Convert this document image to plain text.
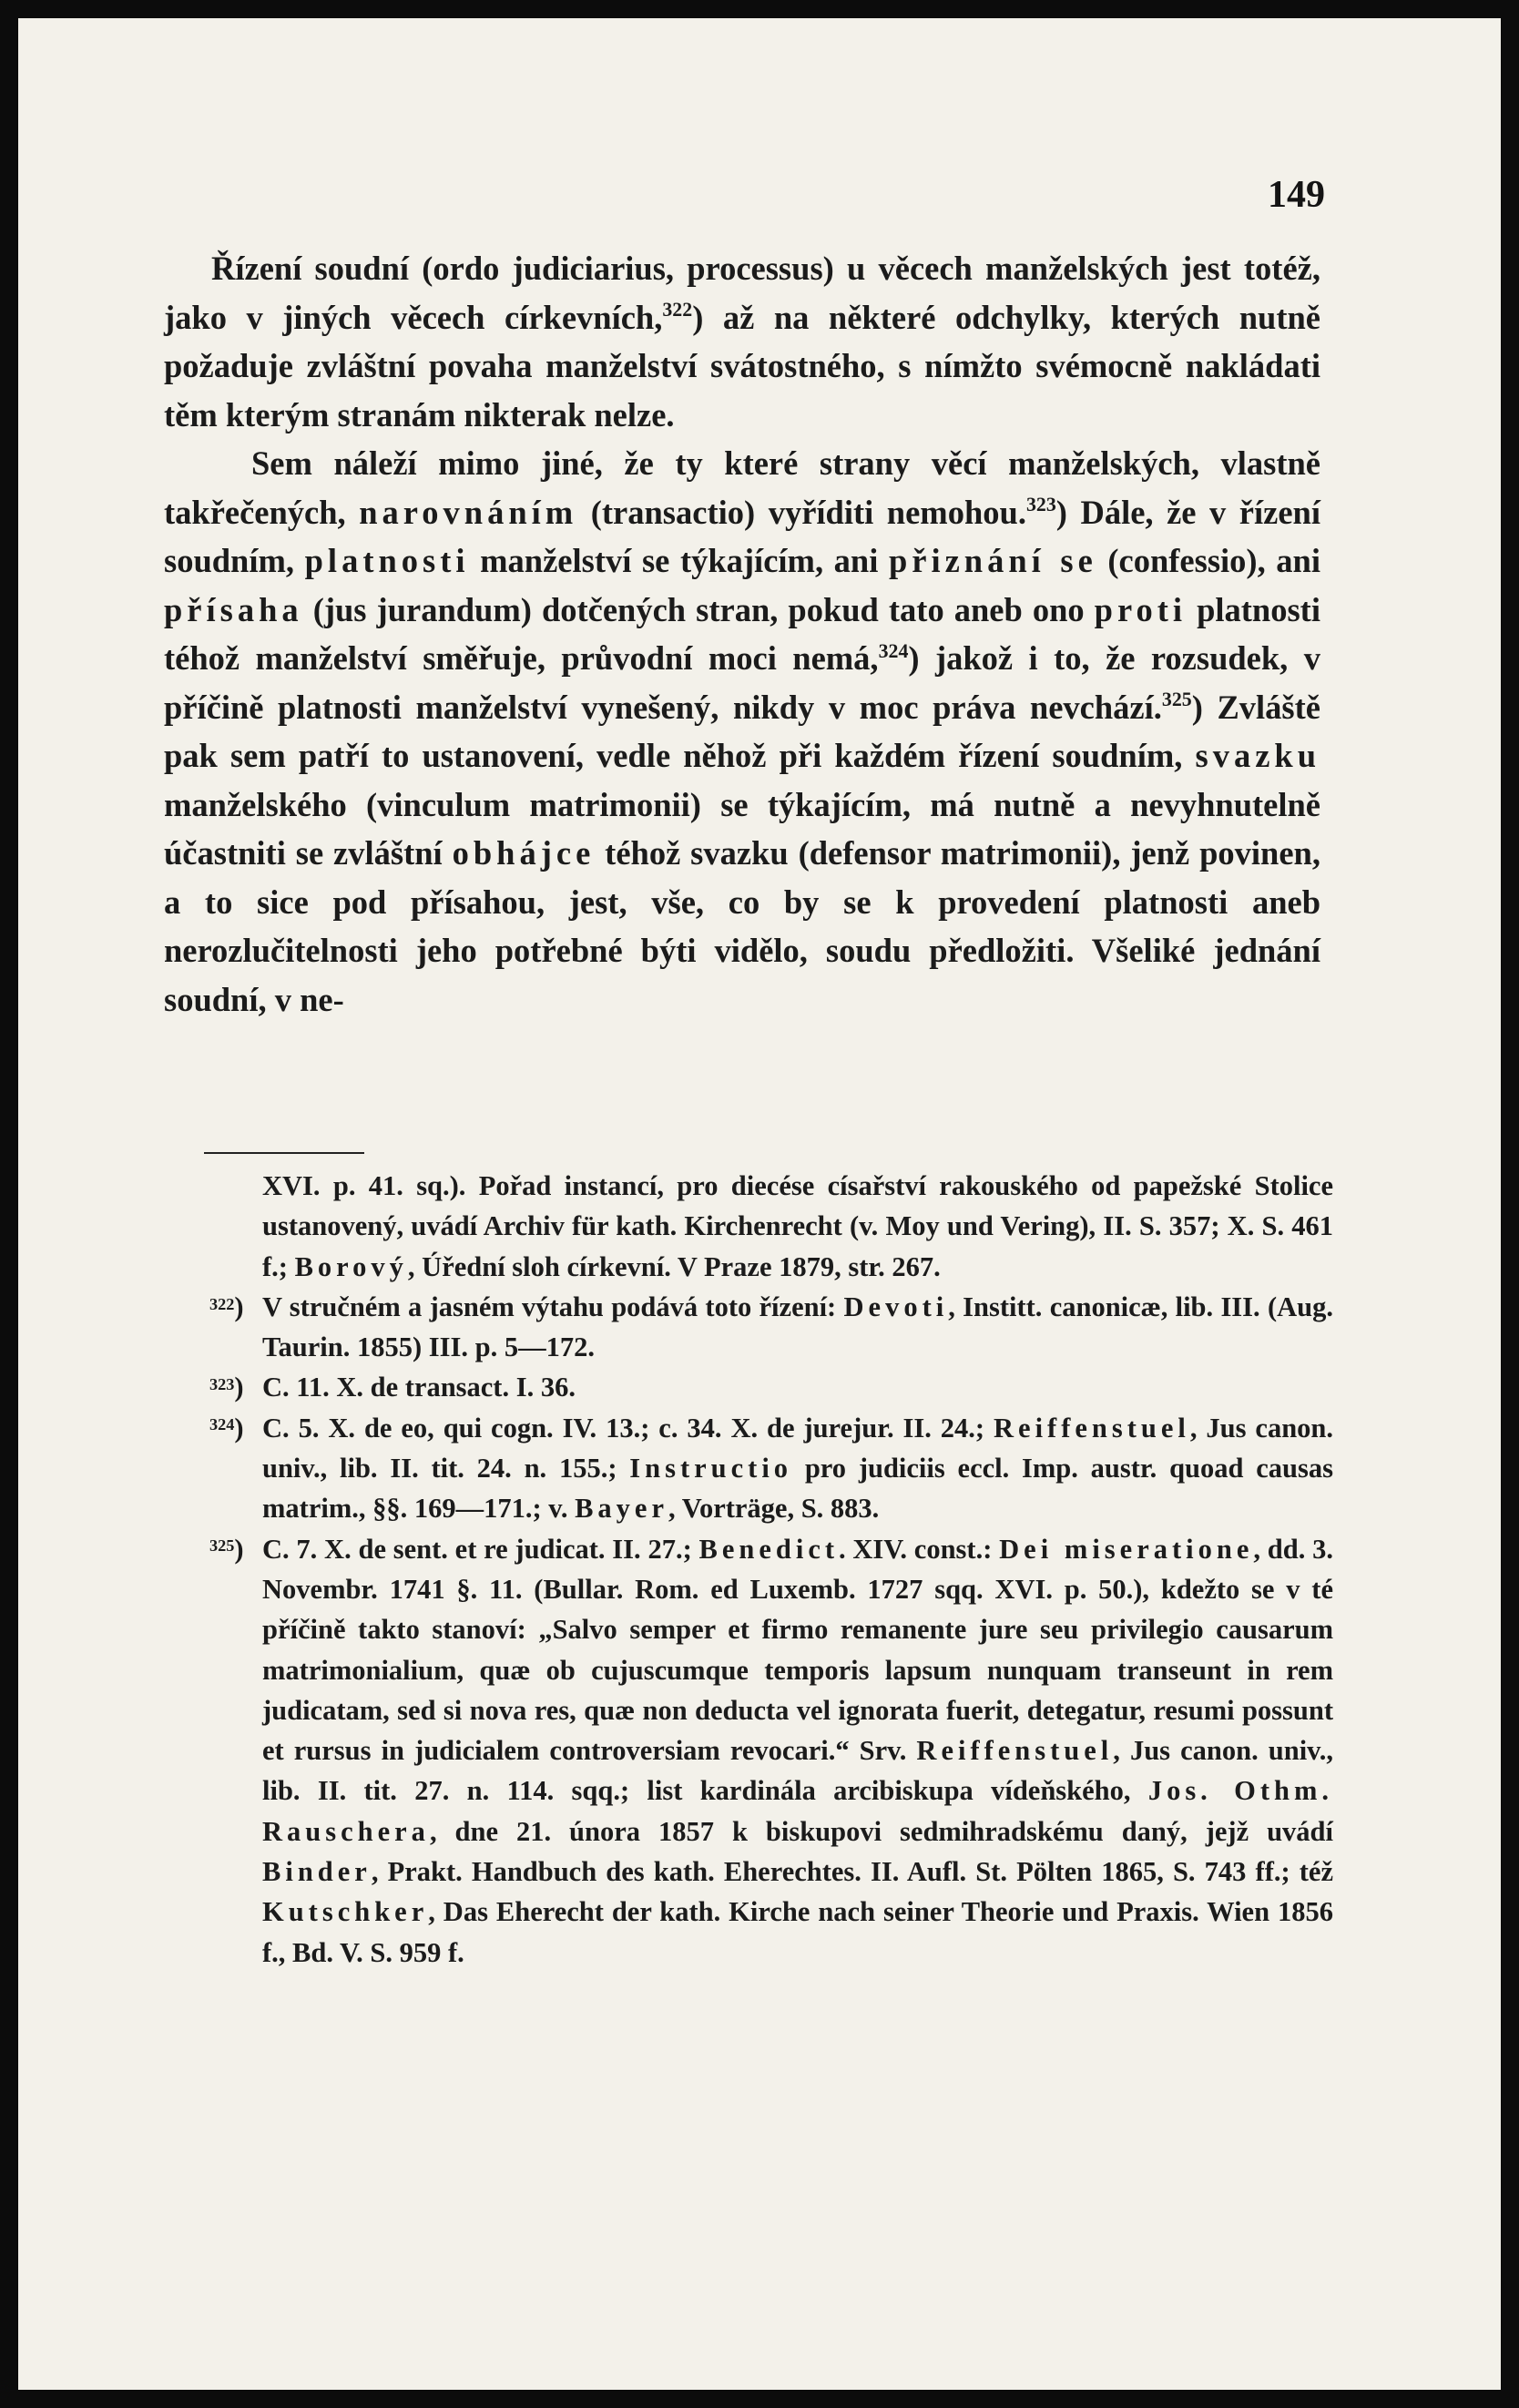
149

Řízení soudní (ordo judiciarius, processus) u věcech manželských jest totéž, jako v jiných věcech církevních,$^{322}$) až na některé odchylky, kterých nutně požaduje zvláštní povaha manželství svátostného, s nímžto svémocně nakládati těm kterým stranám nikterak nelze.

Sem náleží mimo jiné, že ty které strany věcí manželských, vlastně takřečených, narovnáním (transactio) vyříditi nemohou.$^{323}$) Dále, že v řízení soudním, platnosti manželství se týkajícím, ani přiznání se (confessio), ani přísaha (jus jurandum) dotčených stran, pokud tato aneb ono proti platnosti téhož manželství směřuje, průvodní moci nemá,$^{324}$) jakož i to, že rozsudek, v příčině platnosti manželství vynešený, nikdy v moc práva nevchází.$^{325}$) Zvláště pak sem patří to ustanovení, vedle něhož při každém řízení soudním, svazku manželského (vinculum matrimonii) se týkajícím, má nutně a nevyhnutelně účastniti se zvláštní obhájce téhož svazku (defensor matrimonii), jenž povinen, a to sice pod přísahou, jest, vše, co by se k provedení platnosti aneb nerozlučitelnosti jeho potřebné býti vidělo, soudu předložiti. Všeliké jednání soudní, v ne-

XVI. p. 41. sq.). Pořad instancí, pro diecése císařství rakouského od papežské Stolice ustanovený, uvádí Archiv für kath. Kirchenrecht (v. Moy und Vering), II. S. 357; X. S. 461 f.; Borový, Úřední sloh církevní. V Praze 1879, str. 267.

$^{322}$) V stručném a jasném výtahu podává toto řízení: Devoti, Institt. canonicæ, lib. III. (Aug. Taurin. 1855) III. p. 5—172.

$^{323}$) C. 11. X. de transact. I. 36.

$^{324}$) C. 5. X. de eo, qui cogn. IV. 13.; c. 34. X. de jurejur. II. 24.; Reiffenstuel, Jus canon. univ., lib. II. tit. 24. n. 155.; Instructio pro judiciis eccl. Imp. austr. quoad causas matrim., §§. 169—171.; v. Bayer, Vorträge, S. 883.

$^{325}$) C. 7. X. de sent. et re judicat. II. 27.; Benedict. XIV. const.: Dei miseratione, dd. 3. Novembr. 1741 §. 11. (Bullar. Rom. ed Luxemb. 1727 sqq. XVI. p. 50.), kdežto se v té příčině takto stanoví: „Salvo semper et firmo remanente jure seu privilegio causarum matrimonialium, quæ ob cujuscumque temporis lapsum nunquam transeunt in rem judicatam, sed si nova res, quæ non deducta vel ignorata fuerit, detegatur, resumi possunt et rursus in judicialem controversiam revocari.“ Srv. Reiffenstuel, Jus canon. univ., lib. II. tit. 27. n. 114. sqq.; list kardinála arcibiskupa vídeňského, Jos. Othm. Rauschera, dne 21. února 1857 k biskupovi sedmihradskému daný, jejž uvádí Binder, Prakt. Handbuch des kath. Eherechtes. II. Aufl. St. Pölten 1865, S. 743 ff.; též Kutschker, Das Eherecht der kath. Kirche nach seiner Theorie und Praxis. Wien 1856 f., Bd. V. S. 959 f.
